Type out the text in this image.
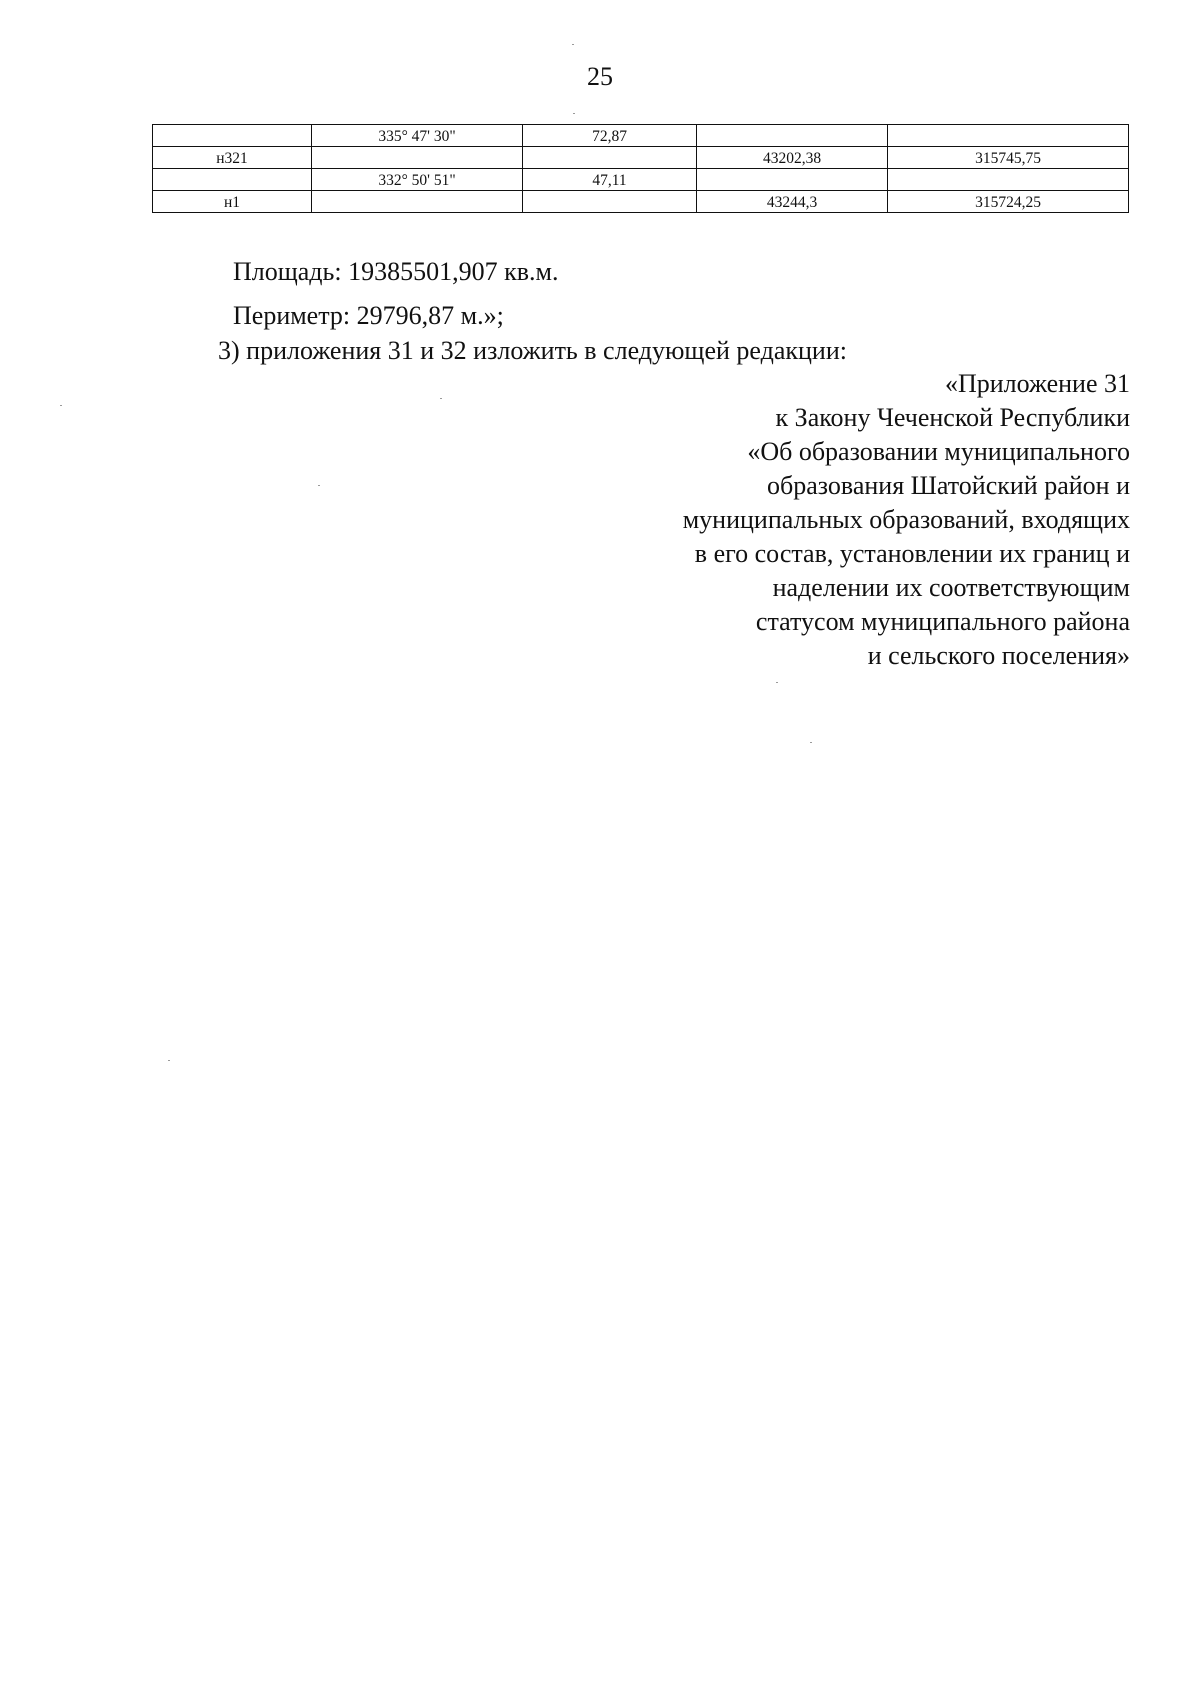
25
	335° 47' 30"	72,87		
н321			43202,38	315745,75
	332° 50' 51"	47,11		
н1			43244,3	315724,25
Площадь: 19385501,907 кв.м.
Периметр: 29796,87 м.»;
3) приложения 31 и 32 изложить в следующей редакции:
«Приложение 31
к Закону Чеченской Республики
«Об образовании муниципального
образования Шатойский район и
муниципальных образований, входящих
в его состав, установлении их границ и
наделении их соответствующим
статусом муниципального района
и сельского поселения»
